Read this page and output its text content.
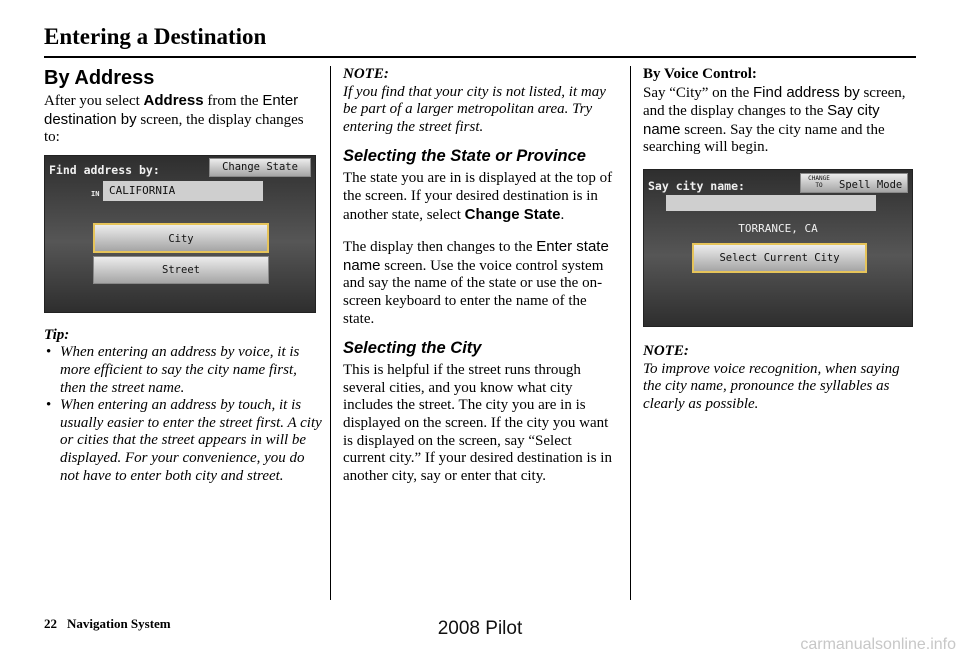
Entering a Destination
By Address

After you select Address from the Enter destination by screen, the display changes to:

Find address by:	Change State
IN CALIFORNIA
City
Street

Tip:

• When entering an address by voice, it is more efficient to say the city name first, then the street name.
• When entering an address by touch, it is usually easier to enter the street first. A city or cities that the street appears in will be displayed. For your convenience, you do not have to enter both city and street.

NOTE:

If you find that your city is not listed, it may be part of a larger metropolitan area. Try entering the street first.

Selecting the State or Province

The state you are in is displayed at the top of the screen. If your desired destination is in another state, select Change State.

The display then changes to the Enter state name screen. Use the voice control system and say the name of the state or use the on-screen keyboard to enter the name of the state.

Selecting the City

This is helpful if the street runs through several cities, and you know what city includes the street. The city you are in is displayed on the screen. If the city you want is displayed on the screen, say “Select current city.” If your desired destination is in another city, say or enter that city.

By Voice Control:

Say “City” on the Find address by screen, and the display changes to the Say city name screen. Say the city name and the searching will begin.

Say city name:
CHANGE TO	Spell Mode
TORRANCE, CA
Select Current City

NOTE:

To improve voice recognition, when saying the city name, pronounce the syllables as clearly as possible.

22 Navigation System	2008 Pilot
carmanualsonline.info
